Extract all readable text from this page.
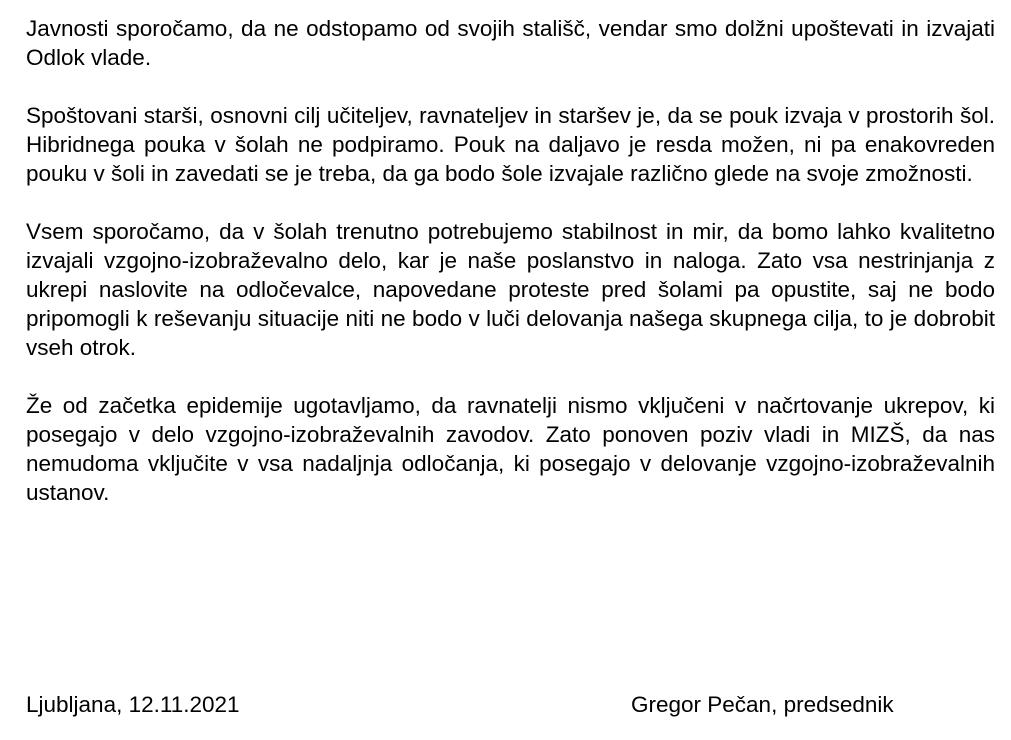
Javnosti sporočamo, da ne odstopamo od svojih stališč, vendar smo dolžni upoštevati in izvajati Odlok vlade.

Spoštovani starši, osnovni cilj učiteljev, ravnateljev in staršev je, da se pouk izvaja v prostorih šol. Hibridnega pouka v šolah ne podpiramo. Pouk na daljavo je resda možen, ni pa enakovreden pouku v šoli in zavedati se je treba, da ga bodo šole izvajale različno glede na svoje zmožnosti.

Vsem sporočamo, da v šolah trenutno potrebujemo stabilnost in mir, da bomo lahko kvalitetno izvajali vzgojno-izobraževalno delo, kar je naše poslanstvo in naloga. Zato vsa nestrinjanja z ukrepi naslovite na odločevalce, napovedane proteste pred šolami pa opustite, saj ne bodo pripomogli k reševanju situacije niti ne bodo v luči delovanja našega skupnega cilja, to je dobrobit vseh otrok.

Že od začetka epidemije ugotavljamo, da ravnatelji nismo vključeni v načrtovanje ukrepov, ki posegajo v delo vzgojno-izobraževalnih zavodov. Zato ponoven poziv vladi in MIZŠ, da nas nemudoma vključite v vsa nadaljnja odločanja, ki posegajo v delovanje vzgojno-izobraževalnih ustanov.

Ljubljana, 12.11.2021	Gregor Pečan, predsednik
